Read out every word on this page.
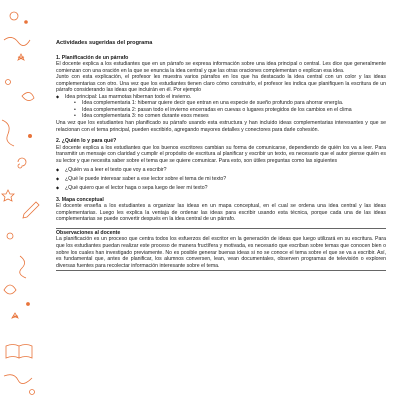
Actividades sugeridas del programa

1. Planificación de un párrafo

El docente explica a los estudiantes que en un párrafo se expresa información sobre una idea principal o central. Les dice que generalmente comienzan con una oración en la que se enuncia la idea central y que las otras oraciones complementan o explican esa idea.

Junto con esta explicación, el profesor les muestra varios párrafos en los que ha destacado la idea central con un color y las ideas complementarias con otro. Una vez que los estudiantes tienen claro cómo construirlo, el profesor les indica que planifiquen la escritura de un párrafo considerando las ideas que incluirán en él. Por ejemplo

◆ Idea principal: Las marmotas hibernan todo el invierno.
• Idea complementaria 1: hibernar quiere decir que entran en una especie de sueño profundo para ahorrar energía.
• Idea complementaria 2: pasan todo el invierno encerradas en cuevas o lugares protegidos de los cambios en el clima
• Idea complementaria 3: no comen durante esos meses

Una vez que los estudiantes han planificado su párrafo usando esta estructura y han incluido ideas complementarias interesantes y que se relacionan con el tema principal, pueden escribirlo, agregando mayores detalles y conectores para darle cohesión.

2. ¿Quién lo y para qué?

El docente explica a los estudiantes que los buenos escritores cambian su forma de comunicarse, dependiendo de quién los va a leer. Para transmitir un mensaje con claridad y cumplir el propósito de escritura al planificar y escribir un texto, es necesario que el autor piense quién es su lector y que necesita saber sobre el tema que se quiere comunicar. Para esto, son útiles preguntas como las siguientes

◆ ¿Quién va a leer el texto que voy a escribir?
◆ ¿Qué le puede interesar saber a ese lector sobre el tema de mi texto?
◆ ¿Qué quiero que el lector haga o sepa luego de leer mi texto?

3. Mapa conceptual

El docente enseña a los estudiantes a organizar las ideas en un mapa conceptual, en el cual se ordena una idea central y las ideas complementarias. Luego les explica la ventaja de ordenar las ideas para escribir usando esta técnica, porque cada una de las ideas complementarias se puede convertir después en la idea central de un párrafo.

Observaciones al docente

La planificación es un proceso que centra todos los esfuerzos del escritor en la generación de ideas que luego utilizará en su escritura. Para que los estudiantes puedan realizar este proceso de manera fructífera y motivada, es necesario que escriban sobre temas que conocen bien o sobre los cuales han investigado previamente. No es posible generar buenas ideas si no se conoce el tema sobre el que se va a escribir. Así, es fundamental que, antes de planificar, los alumnos conversen, lean, vean documentales, observen programas de televisión o exploren diversas fuentes para recolectar información interesante sobre el tema.
